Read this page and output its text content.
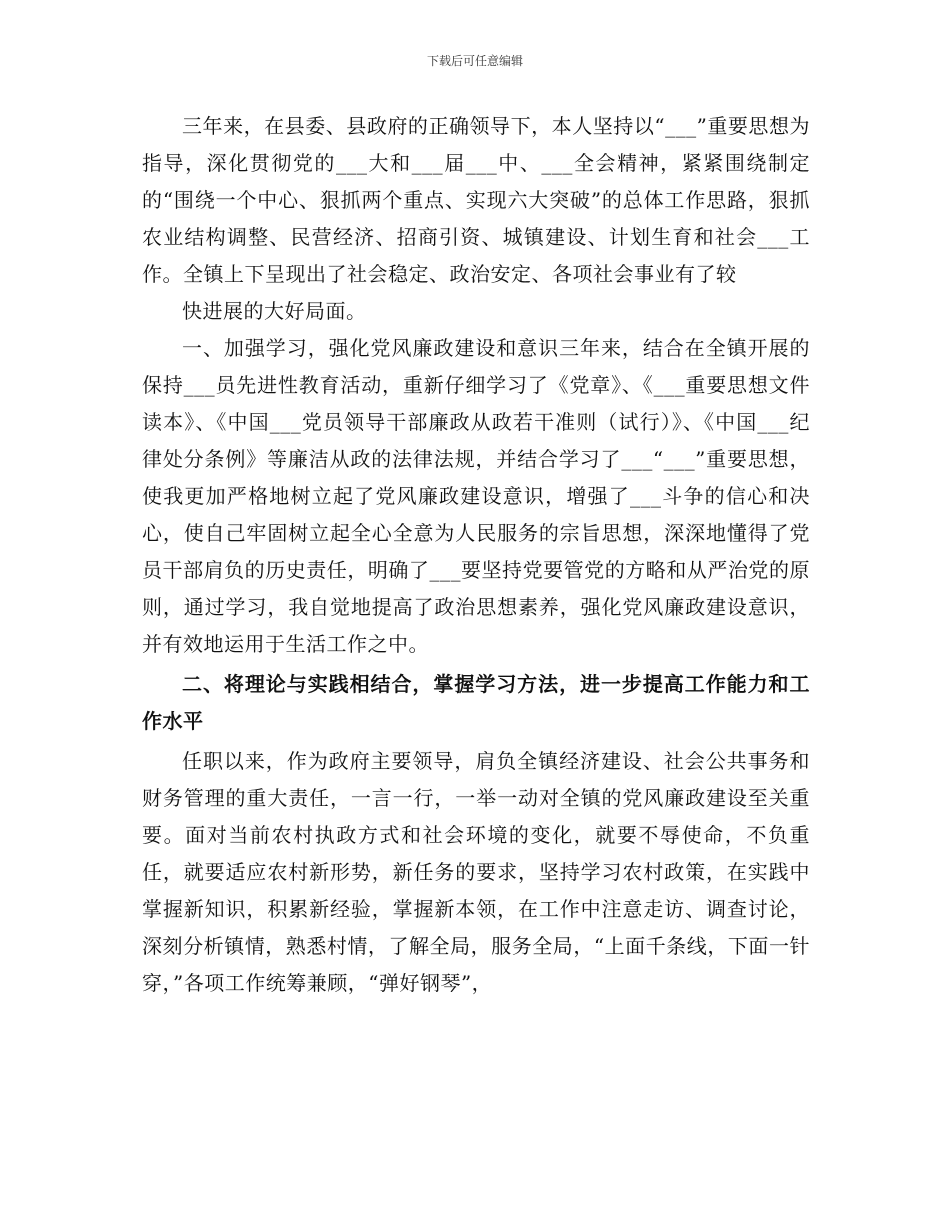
下载后可任意编辑

三年来，在县委、县政府的正确领导下，本人坚持以“___”重要思想为指导，深化贯彻党的___大和___届___中、___全会精神，紧紧围绕制定的“围绕一个中心、狠抓两个重点、实现六大突破”的总体工作思路，狠抓农业结构调整、民营经济、招商引资、城镇建设、计划生育和社会___工作。全镇上下呈现出了社会稳定、政治安定、各项社会事业有了较

快进展的大好局面。

一、加强学习，强化党风廉政建设和意识三年来，结合在全镇开展的保持___员先进性教育活动，重新仔细学习了《党章》、《___重要思想文件读本》、《中国___党员领导干部廉政从政若干准则（试行）》、《中国___纪律处分条例》等廉洁从政的法律法规，并结合学习了___“___”重要思想，使我更加严格地树立起了党风廉政建设意识，增强了___斗争的信心和决心，使自己牢固树立起全心全意为人民服务的宗旨思想，深深地懂得了党员干部肩负的历史责任，明确了___要坚持党要管党的方略和从严治党的原则，通过学习，我自觉地提高了政治思想素养，强化党风廉政建设意识，并有效地运用于生活工作之中。

二、将理论与实践相结合，掌握学习方法，进一步提高工作能力和工作水平

任职以来，作为政府主要领导，肩负全镇经济建设、社会公共事务和财务管理的重大责任，一言一行，一举一动对全镇的党风廉政建设至关重要。面对当前农村执政方式和社会环境的变化，就要不辱使命，不负重任，就要适应农村新形势，新任务的要求，坚持学习农村政策，在实践中掌握新知识，积累新经验，掌握新本领，在工作中注意走访、调查讨论，深刻分析镇情，熟悉村情，了解全局，服务全局，“上面千条线，下面一针穿，”各项工作统筹兼顾，“弹好钢琴”，
